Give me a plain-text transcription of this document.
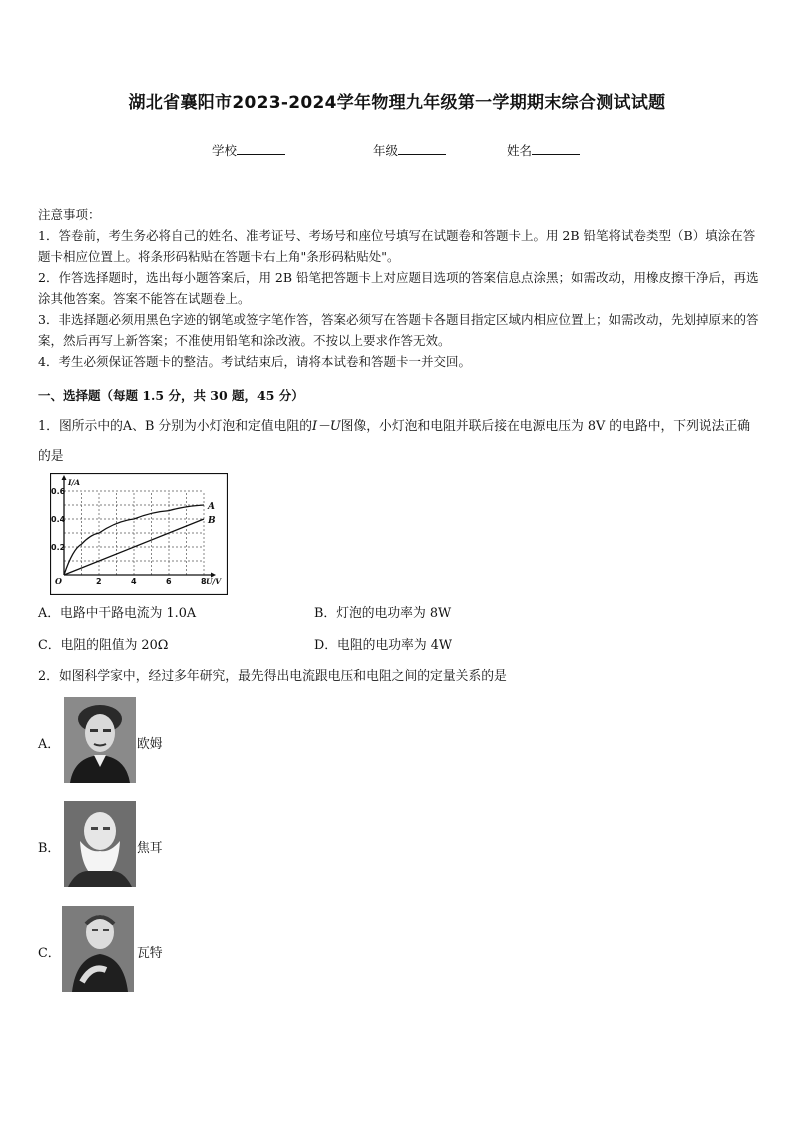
湖北省襄阳市2023-2024学年物理九年级第一学期期末综合测试试题
学校	年级	姓名

注意事项：

1．答卷前，考生务必将自己的姓名、准考证号、考场号和座位号填写在试题卷和答题卡上。用 2B 铅笔将试卷类型（B）填涂在答题卡相应位置上。将条形码粘贴在答题卡右上角"条形码粘贴处"。

2．作答选择题时，选出每小题答案后，用 2B 铅笔把答题卡上对应题目选项的答案信息点涂黑；如需改动，用橡皮擦干净后，再选涂其他答案。答案不能答在试题卷上。

3．非选择题必须用黑色字迹的钢笔或签字笔作答，答案必须写在答题卡各题目指定区域内相应位置上；如需改动，先划掉原来的答案，然后再写上新答案；不准使用铅笔和涂改液。不按以上要求作答无效。

4．考生必须保证答题卡的整洁。考试结束后，请将本试卷和答题卡一并交回。

一、选择题（每题 1.5 分，共 30 题，45 分）
1．图所示中的A、B 分别为小灯泡和定值电阻的I－U图像，小灯泡和电阻并联后接在电源电压为 8V 的电路中，下列说法正确的是
A
B
2	4	6	8
0.2
0.4
0.6
O	U/V
I/A
A．电路中干路电流为 1.0A	B．灯泡的电功率为 8W
C．电阻的阻值为 20Ω	D．电阻的电功率为 4W
2．如图科学家中，经过多年研究，最先得出电流跟电压和电阻之间的定量关系的是
A．	欧姆
B．	焦耳
C．	瓦特
